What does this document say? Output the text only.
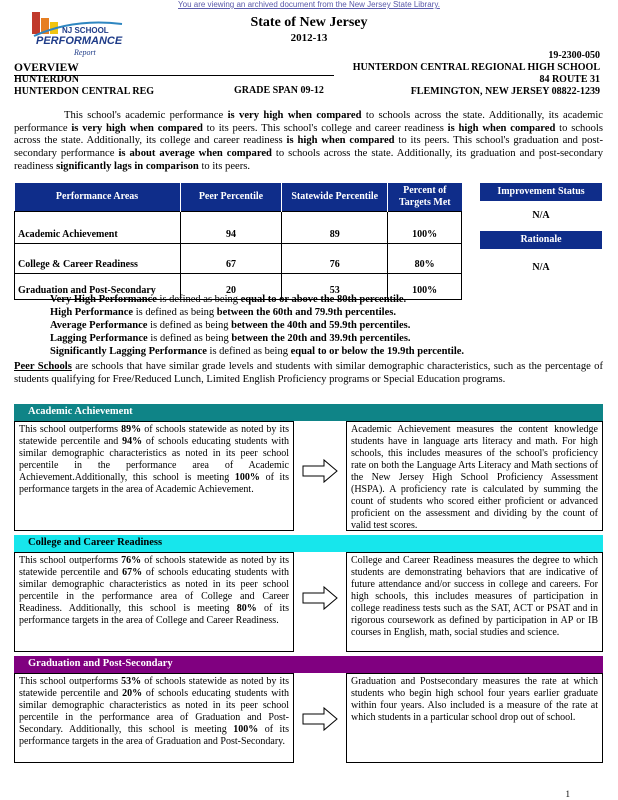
You are viewing an archived document from the New Jersey State Library.
NJ SCHOOL
PERFORMANCE
Report
State of New Jersey
2012-13
19-2300-050
OVERVIEW
HUNTERDON
HUNTERDON CENTRAL REG	GRADE SPAN 09-12
HUNTERDON CENTRAL REGIONAL HIGH SCHOOL
84 ROUTE 31
FLEMINGTON, NEW JERSEY 08822-1239
This school's academic performance is very high when compared to schools across the state. Additionally, its academic performance is very high when compared to its peers. This school's college and career readiness is high when compared to schools across the state. Additionally, its college and career readiness is high when compared to its peers. This school's graduation and post-secondary performance is about average when compared to schools across the state. Additionally, its graduation and post-secondary readiness significantly lags in comparison to its peers.
Performance Areas	Peer Percentile	Statewide Percentile	Percent of Targets Met
Academic Achievement	94	89	100%
College & Career Readiness	67	76	80%
Graduation and Post-Secondary	20	53	100%
Improvement Status
N/A
Rationale
N/A
Very High Performance is defined as being equal to or above the 80th percentile.
High Performance is defined as being between the 60th and 79.9th percentiles.
Average Performance is defined as being between the 40th and 59.9th percentiles.
Lagging Performance is defined as being between the 20th and 39.9th percentiles.
Significantly Lagging Performance is defined as being equal to or below the 19.9th percentile.
Peer Schools are schools that have similar grade levels and students with similar demographic characteristics, such as the percentage of students qualifying for Free/Reduced Lunch, Limited English Proficiency programs or Special Education programs.
Academic Achievement
This school outperforms 89% of schools statewide as noted by its statewide percentile and 94% of schools educating students with similar demographic characteristics as noted in its peer school percentile in the performance area of Academic Achievement.Additionally, this school is meeting 100% of its performance targets in the area of Academic Achievement.
Academic Achievement measures the content knowledge students have in language arts literacy and math. For high schools, this includes measures of the school's proficiency rate on both the Language Arts Literacy and Math sections of the New Jersey High School Proficiency Assessment (HSPA). A proficiency rate is calculated by summing the count of students who scored either proficient or advanced proficient on the assessment and dividing by the count of valid test scores.
College and Career Readiness
This school outperforms 76% of schools statewide as noted by its statewide percentile and 67% of schools educating students with similar demographic characteristics as noted in its peer school percentile in the performance area of College and Career Readiness. Additionally, this school is meeting 80% of its performance targets in the area of College and Career Readiness.
College and Career Readiness measures the degree to which students are demonstrating behaviors that are indicative of future attendance and/or success in college and careers. For high schools, this includes measures of participation in college readiness tests such as the SAT, ACT or PSAT and in rigorous coursework as defined by participation in AP or IB courses in English, math, social studies and science.
Graduation and Post-Secondary
This school outperforms 53% of schools statewide as noted by its statewide percentile and 20% of schools educating students with similar demographic characteristics as noted in its peer school percentile in the performance area of Graduation and Post-Secondary. Additionally, this school is meeting 100% of its performance targets in the area of Graduation and Post-Secondary.
Graduation and Postsecondary measures the rate at which students who begin high school four years earlier graduate within four years. Also included is a measure of the rate at which students in a particular school drop out of school.
1
